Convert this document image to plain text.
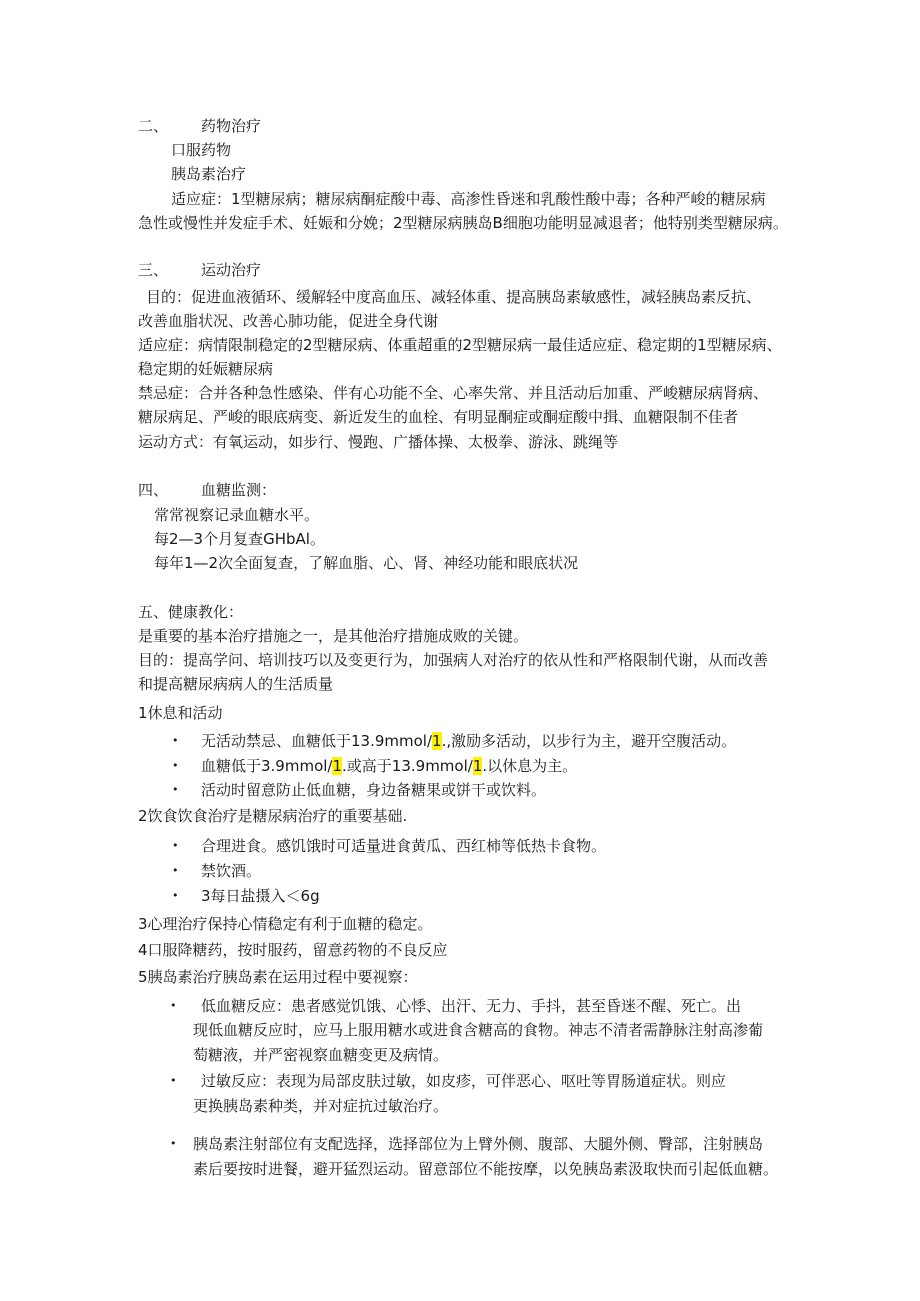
二、 药物治疗
口服药物
胰岛素治疗
适应症：1型糖尿病；糖尿病酮症酸中毒、高渗性昏迷和乳酸性酸中毒；各种严峻的糖尿病
急性或慢性并发症手术、妊娠和分娩；2型糖尿病胰岛B细胞功能明显减退者；他特别类型糖尿病。
三、 运动治疗
目的：促进血液循环、缓解轻中度高血压、减轻体重、提高胰岛素敏感性，减轻胰岛素反抗、
改善血脂状况、改善心肺功能，促进全身代谢
适应症：病情限制稳定的2型糖尿病、体重超重的2型糖尿病一最佳适应症、稳定期的1型糖尿病、
稳定期的妊娠糖尿病
禁忌症：合并各种急性感染、伴有心功能不全、心率失常、并且活动后加重、严峻糖尿病肾病、
糖尿病足、严峻的眼底病变、新近发生的血栓、有明显酮症或酮症酸中揖、血糖限制不佳者
运动方式：有氧运动，如步行、慢跑、广播体操、太极拳、游泳、跳绳等
四、 血糖监测：
常常视察记录血糖水平。
每2—3个月复查GHbAl。
每年1—2次全面复查，了解血脂、心、肾、神经功能和眼底状况
五、健康教化：
是重要的基本治疗措施之一，是其他治疗措施成败的关键。
目的：提高学问、培训技巧以及变更行为，加强病人对治疗的依从性和严格限制代谢，从而改善
和提高糖尿病病人的生活质量
1休息和活动
• 无活动禁忌、血糖低于13.9mmol∕1.,激励多活动，以步行为主，避开空腹活动。
• 血糖低于3.9mmol∕1.或高于13.9mmol∕1.以休息为主。
• 活动时留意防止低血糖，身边备糖果或饼干或饮料。
2饮食饮食治疗是糖尿病治疗的重要基础.
• 合理进食。感饥饿时可适量进食黄瓜、西红柿等低热卡食物。
• 禁饮酒。
• 3每日盐摄入＜6g
3心理治疗保持心情稳定有利于血糖的稳定。
4口服降糖药，按时服药，留意药物的不良反应
5胰岛素治疗胰岛素在运用过程中要视察：
• 低血糖反应：患者感觉饥饿、心悸、出汗、无力、手抖，甚至昏迷不醒、死亡。出
现低血糖反应时，应马上服用糖水或进食含糖高的食物。神志不清者需静脉注射高渗葡
萄糖液，并严密视察血糖变更及病情。
• 过敏反应：表现为局部皮肤过敏，如皮疹，可伴恶心、呕吐等胃肠道症状。则应
更换胰岛素种类，并对症抗过敏治疗。
• 胰岛素注射部位有支配选择，选择部位为上臂外侧、腹部、大腿外侧、臀部，注射胰岛
素后要按时进餐，避开猛烈运动。留意部位不能按摩，以免胰岛素汲取快而引起低血糖。
